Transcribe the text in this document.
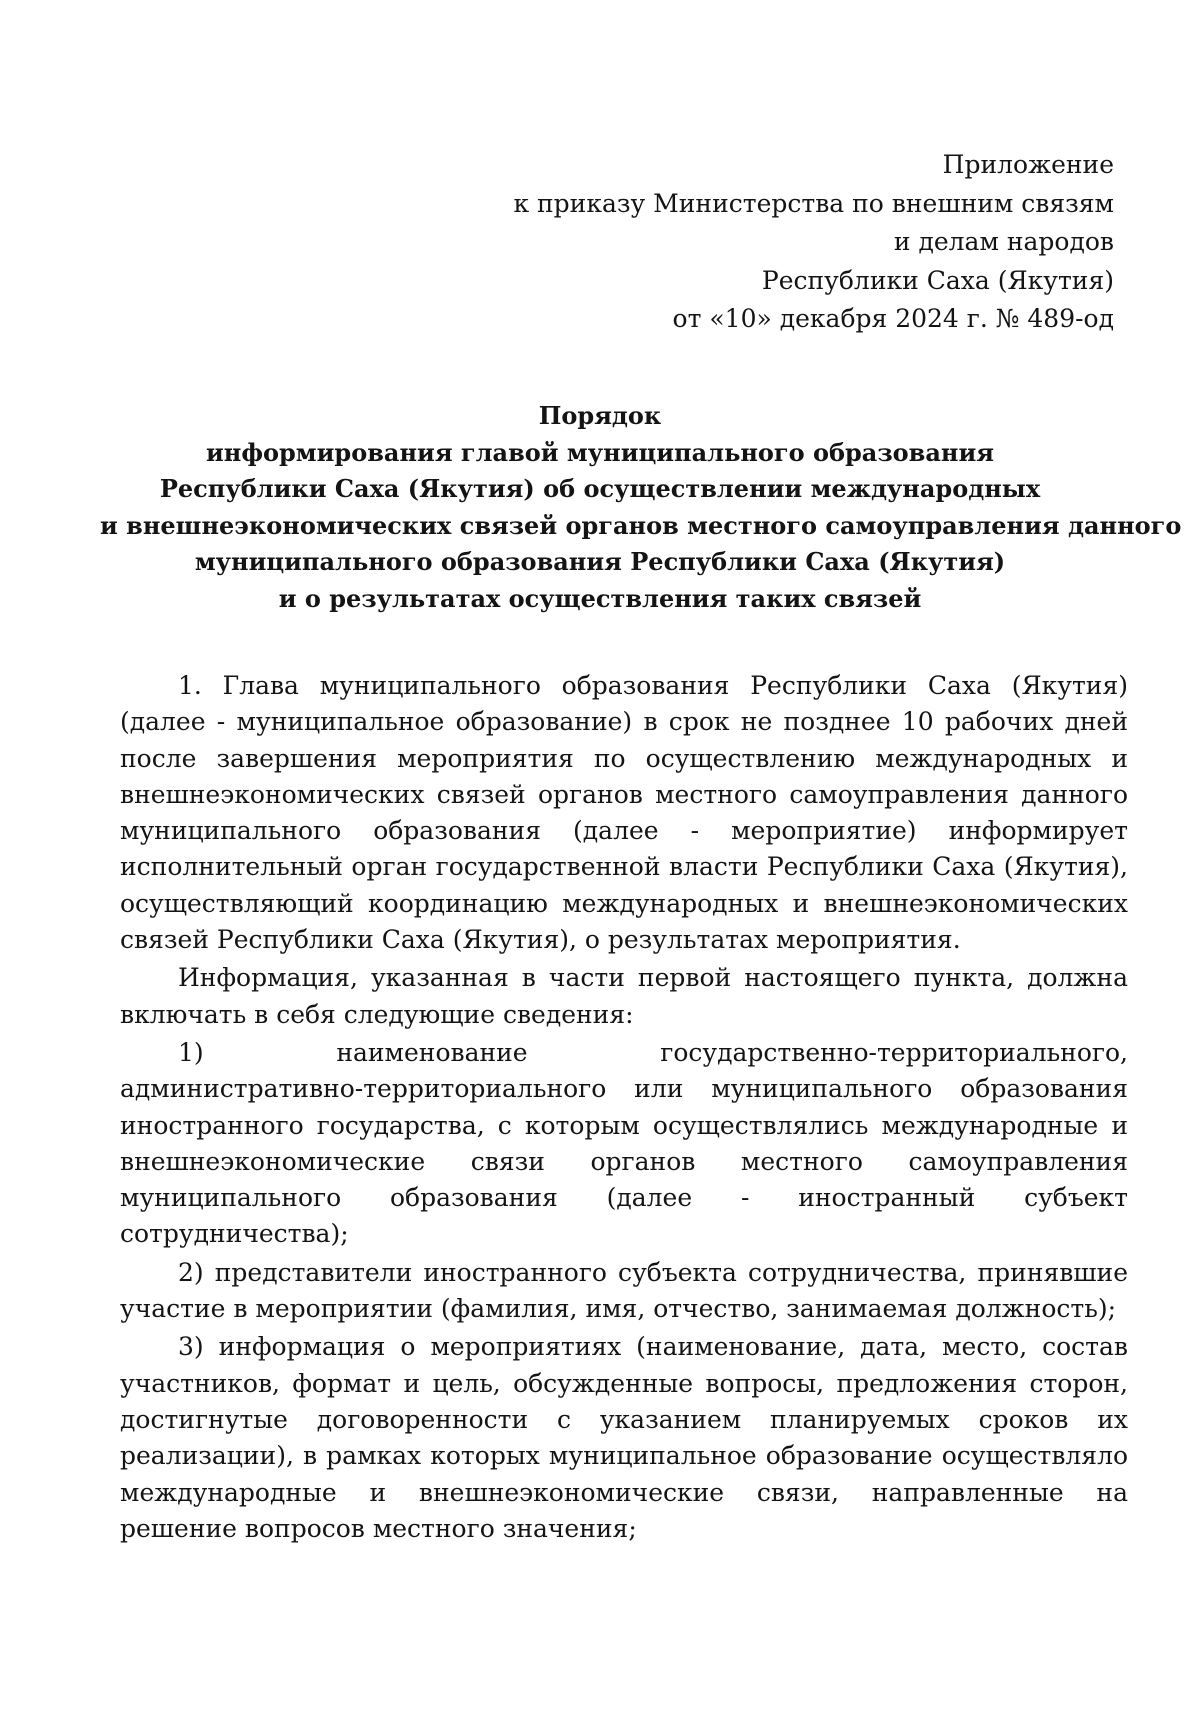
Приложение
к приказу Министерства по внешним связям
и делам народов
Республики Саха (Якутия)
от «10» декабря 2024 г. № 489-од
Порядок
информирования главой муниципального образования
Республики Саха (Якутия) об осуществлении международных
и внешнеэкономических связей органов местного самоуправления данного
муниципального образования Республики Саха (Якутия)
и о результатах осуществления таких связей

1. Глава муниципального образования Республики Саха (Якутия) (далее - муниципальное образование) в срок не позднее 10 рабочих дней после завершения мероприятия по осуществлению международных и внешнеэкономических связей органов местного самоуправления данного муниципального образования (далее - мероприятие) информирует исполнительный орган государственной власти Республики Саха (Якутия), осуществляющий координацию международных и внешнеэкономических связей Республики Саха (Якутия), о результатах мероприятия.

Информация, указанная в части первой настоящего пункта, должна включать в себя следующие сведения:

1) наименование государственно-территориального, административно-территориального или муниципального образования иностранного государства, с которым осуществлялись международные и внешнеэкономические связи органов местного самоуправления муниципального образования (далее - иностранный субъект сотрудничества);

2) представители иностранного субъекта сотрудничества, принявшие участие в мероприятии (фамилия, имя, отчество, занимаемая должность);

3) информация о мероприятиях (наименование, дата, место, состав участников, формат и цель, обсужденные вопросы, предложения сторон, достигнутые договоренности с указанием планируемых сроков их реализации), в рамках которых муниципальное образование осуществляло международные и внешнеэкономические связи, направленные на решение вопросов местного значения;
